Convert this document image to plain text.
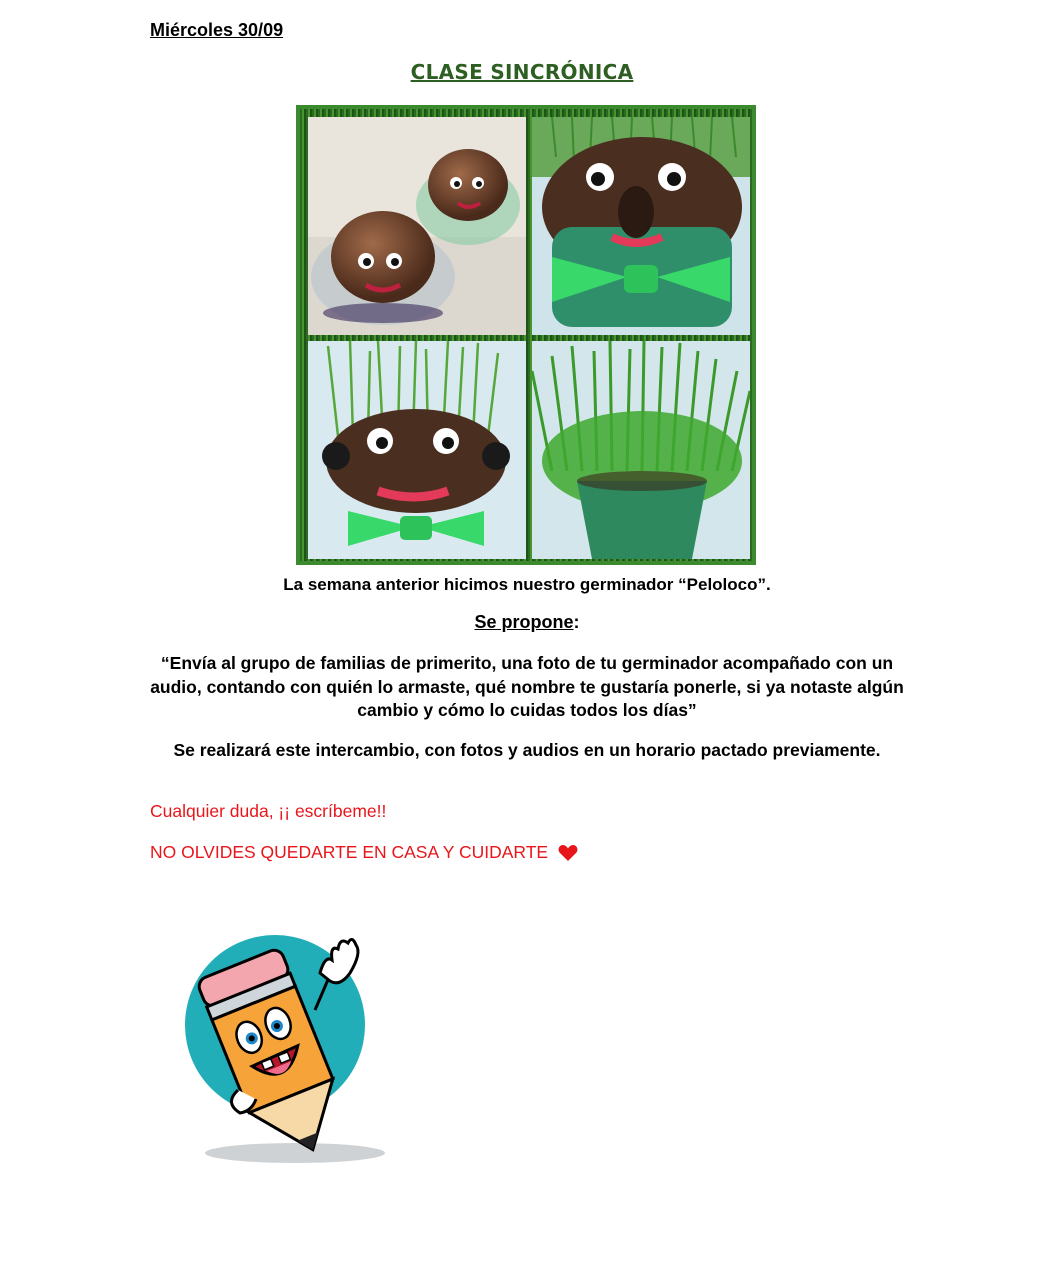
Miércoles 30/09
CLASE SINCRÓNICA
La semana anterior hicimos nuestro germinador “Peloloco”.
Se propone:
“Envía al grupo de familias de primerito, una foto de tu germinador acompañado con un audio, contando con quién lo armaste, qué nombre te gustaría ponerle, si ya notaste algún cambio y cómo lo cuidas todos los días”
Se realizará este intercambio, con fotos y audios en un horario pactado previamente.
Cualquier duda, ¡¡ escríbeme!!
NO OLVIDES QUEDARTE EN CASA Y CUIDARTE
